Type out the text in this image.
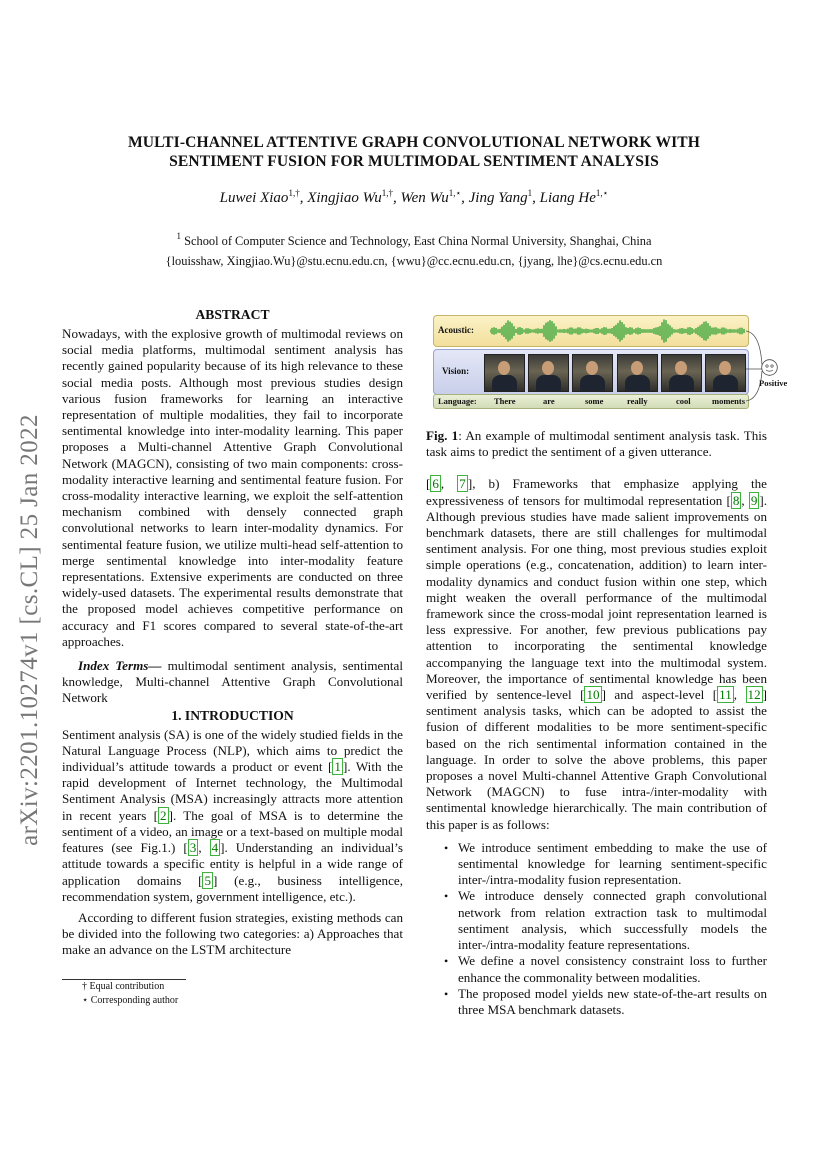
arXiv:2201.10274v1 [cs.CL] 25 Jan 2022
MULTI-CHANNEL ATTENTIVE GRAPH CONVOLUTIONAL NETWORK WITH
SENTIMENT FUSION FOR MULTIMODAL SENTIMENT ANALYSIS
Luwei Xiao$^{1,\dagger}$, Xingjiao $Wu^{1,\dagger}$, Wen $Wu^{1,⋆}$, Jing Yang$^1$, Liang $He^{1,⋆}$
$^1$ School of Computer Science and Technology, East China Normal University, Shanghai, China
{louisshaw, Xingjiao.Wu}@stu.ecnu.edu.cn, {wwu}@cc.ecnu.edu.cn, {jyang, lhe}@cs.ecnu.edu.cn
ABSTRACT
Nowadays, with the explosive growth of multimodal reviews on social media platforms, multimodal sentiment analysis has recently gained popularity because of its high relevance to these social media posts. Although most previous studies design various fusion frameworks for learning an interactive representation of multiple modalities, they fail to incorporate sentimental knowledge into inter-modality learning. This paper proposes a Multi-channel Attentive Graph Convolutional Network (MAGCN), consisting of two main components: cross-modality interactive learning and sentimental feature fusion. For cross-modality interactive learning, we exploit the self-attention mechanism combined with densely connected graph convolutional networks to learn inter-modality dynamics. For sentimental feature fusion, we utilize multi-head self-attention to merge sentimental knowledge into inter-modality feature representations. Extensive experiments are conducted on three widely-used datasets. The experimental results demonstrate that the proposed model achieves competitive performance on accuracy and F1 scores compared to several state-of-the-art approaches.
Index Terms— multimodal sentiment analysis, sentimental knowledge, Multi-channel Attentive Graph Convolutional Network
1. INTRODUCTION
Sentiment analysis (SA) is one of the widely studied fields in the Natural Language Process (NLP), which aims to predict the individual’s attitude towards a product or event [ 1 ]. With the rapid development of Internet technology, the Multimodal Sentiment Analysis (MSA) increasingly attracts more attention in recent years [ 2 ]. The goal of MSA is to determine the sentiment of a video, an image or a text-based on multiple modal features (see Fig.1.) [ 3 , 4 ]. Understanding an individual’s attitude towards a specific entity is helpful in a wide range of application domains [ 5 ] (e.g., business intelligence, recommendation system, government intelligence, etc.).
According to different fusion strategies, existing methods can be divided into the following two categories: a) Approaches that make an advance on the LSTM architecture
† Equal contribution
⋆ Corresponding author
Acoustic:
Vision:
Language: There	are	some	really	cool	moments
Positive
Fig. 1: An example of multimodal sentiment analysis task. This task aims to predict the sentiment of a given utterance.
[ 6 , 7 ], b) Frameworks that emphasize applying the expressiveness of tensors for multimodal representation [ 8 , 9 ]. Although previous studies have made salient improvements on benchmark datasets, there are still challenges for multimodal sentiment analysis. For one thing, most previous studies exploit simple operations (e.g., concatenation, addition) to learn inter-modality dynamics and conduct fusion within one step, which might weaken the overall performance of the multimodal framework since the cross-modal joint representation learned is less expressive. For another, few previous publications pay attention to incorporating the sentimental knowledge accompanying the language text into the multimodal system. Moreover, the importance of sentimental knowledge has been verified by sentence-level [ 10 ] and aspect-level [ 11 , 12 ] sentiment analysis tasks, which can be adopted to assist the fusion of different modalities to be more sentiment-specific based on the rich sentimental information contained in the language. In order to solve the above problems, this paper proposes a novel Multi-channel Attentive Graph Convolutional Network (MAGCN) to fuse intra-/inter-modality with sentimental knowledge hierarchically. The main contribution of this paper is as follows:
• We introduce sentiment embedding to make the use of sentimental knowledge for learning sentiment-specific inter-/intra-modality fusion representation.
• We introduce densely connected graph convolutional network from relation extraction task to multimodal sentiment analysis, which successfully models the inter-/intra-modality feature representations.
• We define a novel consistency constraint loss to further enhance the commonality between modalities.
• The proposed model yields new state-of-the-art results on three MSA benchmark datasets.
